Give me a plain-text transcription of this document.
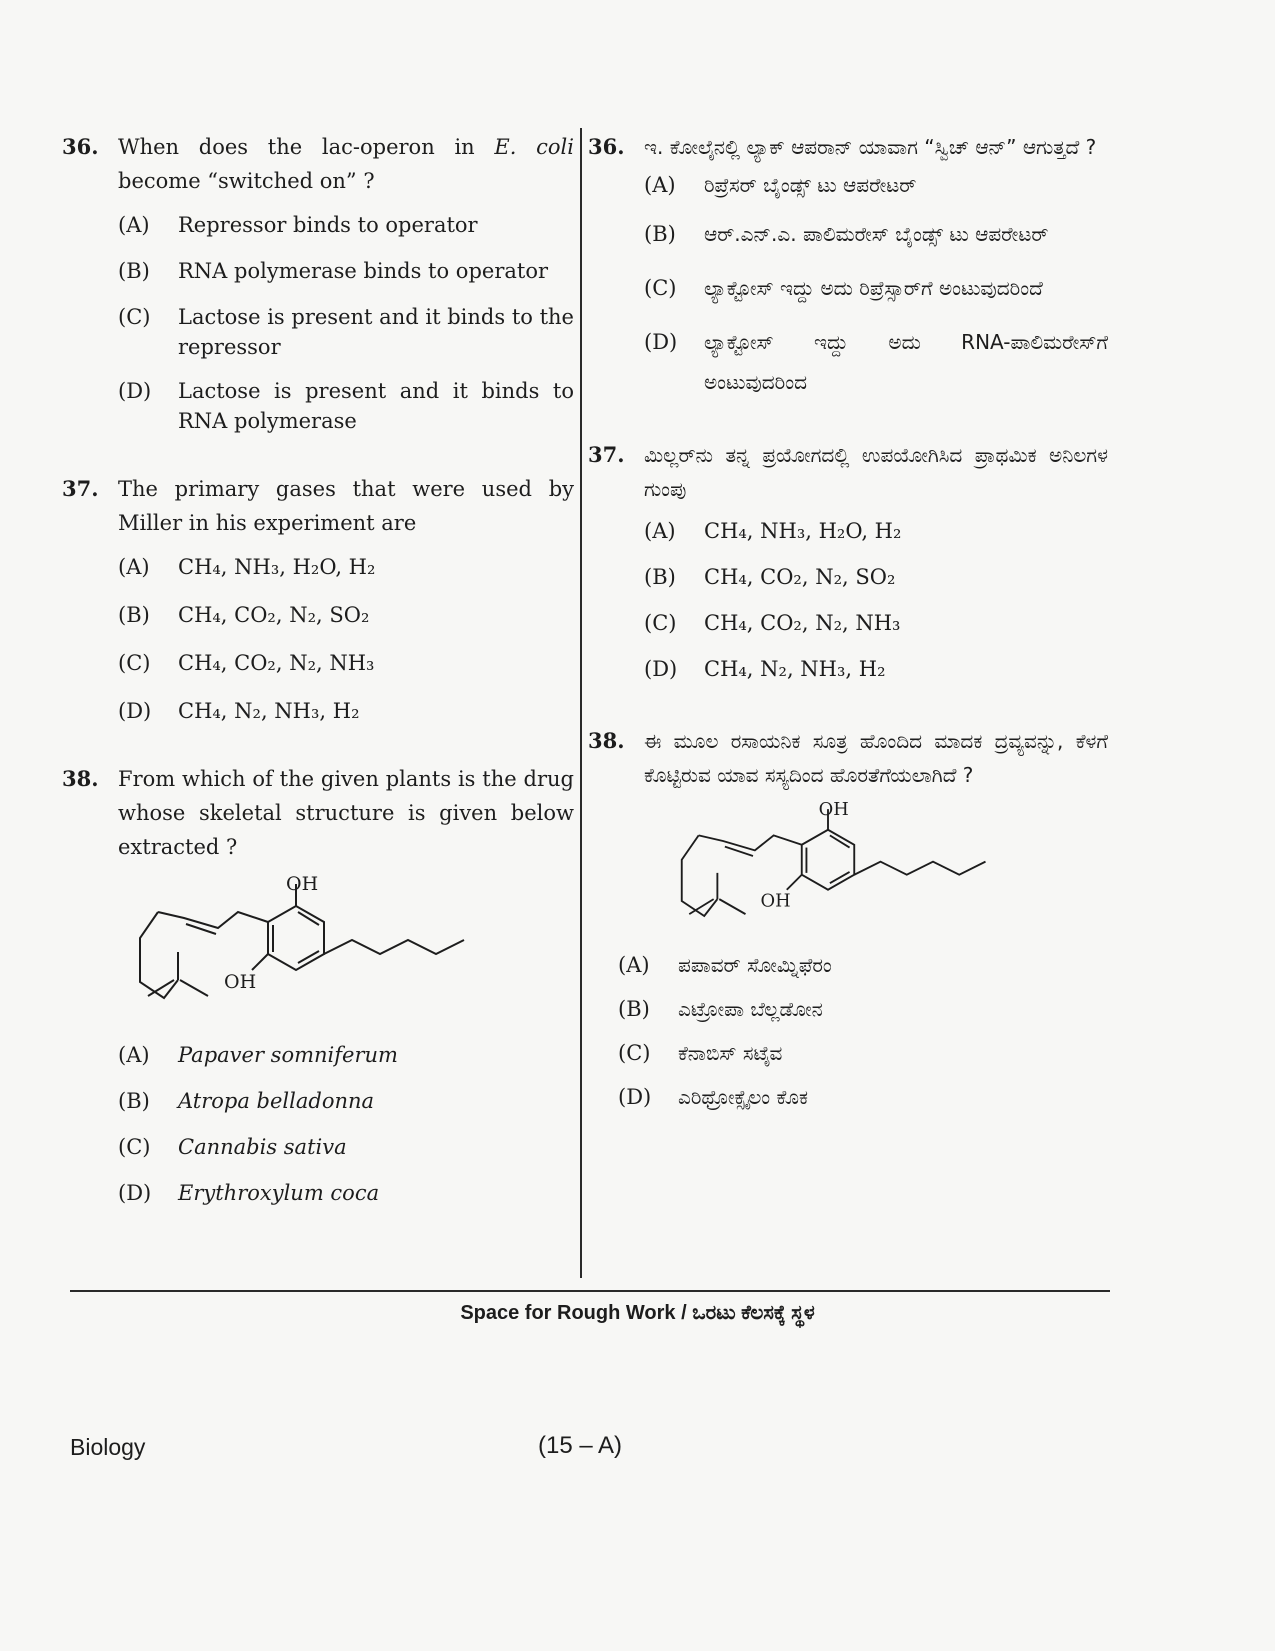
36. When does the lac-operon in E. coli become “switched on” ?
(A)	Repressor binds to operator
(B)	RNA polymerase binds to operator
(C)	Lactose is present and it binds to the repressor
(D)	Lactose is present and it binds to RNA polymerase
37. The primary gases that were used by Miller in his experiment are
(A)	CH₄, NH₃, H₂O, H₂
(B)	CH₄, CO₂, N₂, SO₂
(C)	CH₄, CO₂, N₂, NH₃
(D)	CH₄, N₂, NH₃, H₂
38. From which of the given plants is the drug whose skeletal structure is given below extracted ?
OH
OH
(A)	Papaver somniferum
(B)	Atropa belladonna
(C)	Cannabis sativa
(D)	Erythroxylum coca
36. ಇ. ಕೋಲೈನಲ್ಲಿ ಲ್ಯಾಕ್ ಆಪರಾನ್ ಯಾವಾಗ “ಸ್ವಿಚ್ ಆನ್” ಆಗುತ್ತದೆ ?
(A)	ರಿಪ್ರೆಸರ್ ಬೈಂಡ್ಸ್ ಟು ಆಪರೇಟರ್
(B)	ಆರ್.ಎನ್.ಎ. ಪಾಲಿಮರೇಸ್ ಬೈಂಡ್ಸ್ ಟು ಆಪರೇಟರ್
(C)	ಲ್ಯಾಕ್ಟೋಸ್ ಇದ್ದು ಅದು ರಿಪ್ರೆಸ್ಸಾರ್‌ಗೆ ಅಂಟುವುದರಿಂದೆ
(D)	ಲ್ಯಾಕ್ಟೋಸ್ ಇದ್ದು ಅದು RNA-ಪಾಲಿಮರೇಸ್‌ಗೆ ಅಂಟುವುದರಿಂದ
37. ಮಿಲ್ಲರ್‌ನು ತನ್ನ ಪ್ರಯೋಗದಲ್ಲಿ ಉಪಯೋಗಿಸಿದ ಪ್ರಾಥಮಿಕ ಅನಿಲಗಳ ಗುಂಪು
(A)	CH₄, NH₃, H₂O, H₂
(B)	CH₄, CO₂, N₂, SO₂
(C)	CH₄, CO₂, N₂, NH₃
(D)	CH₄, N₂, NH₃, H₂
38. ಈ ಮೂಲ ರಸಾಯನಿಕ ಸೂತ್ರ ಹೊಂದಿದ ಮಾದಕ ದ್ರವ್ಯವನ್ನು, ಕೆಳಗೆ ಕೊಟ್ಟಿರುವ ಯಾವ ಸಸ್ಯದಿಂದ ಹೊರತೆಗೆಯಲಾಗಿದೆ ?
OH
OH
(A)	ಪಪಾವರ್ ಸೋಮ್ನಿಫೆರಂ
(B)	ಎಟ್ರೋಪಾ ಬೆಲ್ಲಡೋನ
(C)	ಕೆನಾಬಿಸ್ ಸಟೈವ
(D)	ಎರಿಥ್ರೋಕ್ಸೈಲಂ ಕೊಕ
Space for Rough Work / ಒರಟು ಕೆಲಸಕ್ಕೆ ಸ್ಥಳ
Biology	(15 – A)
